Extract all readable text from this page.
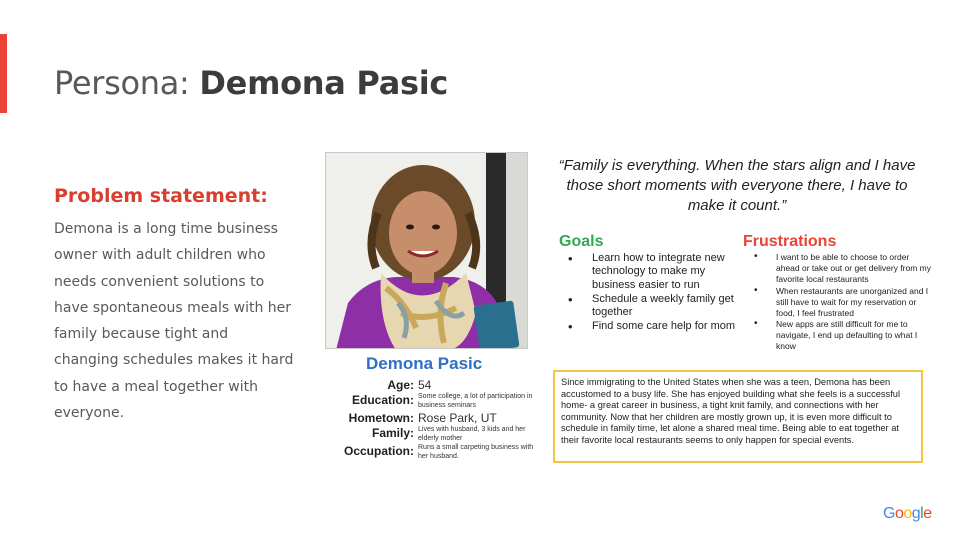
Persona: Demona Pasic
Problem statement:
Demona is a long time business owner with adult children who needs convenient solutions to have spontaneous meals with her family because tight and changing schedules makes it hard to have a meal together with everyone.
Demona Pasic
Age: 54
Education: Some college, a lot of participation in business seminars
Hometown: Rose Park, UT
Family: Lives with husband, 3 kids and her elderly mother
Occupation: Runs a small carpeting business with her husband.
“Family is everything. When the stars align and I have those short moments with everyone there, I have to make it count.”
Goals
• Learn how to integrate new technology to make my business easier to run
• Schedule a weekly family get together
• Find some care help for mom
Frustrations
• I want to be able to choose to order ahead or take out or get delivery from my favorite local restaurants
• When restaurants are unorganized and I still have to wait for my reservation or food, I feel frustrated
• New apps are still difficult for me to navigate, I end up defaulting to what I know
Since immigrating to the United States when she was a teen, Demona has been accustomed to a busy life. She has enjoyed building what she feels is a successful home- a great career in business, a tight knit family, and connections with her community. Now that her children are mostly grown up, it is even more difficult to schedule in family time, let alone a shared meal time. Being able to eat together at their favorite local restaurants seems to only happen for special events.
Google
